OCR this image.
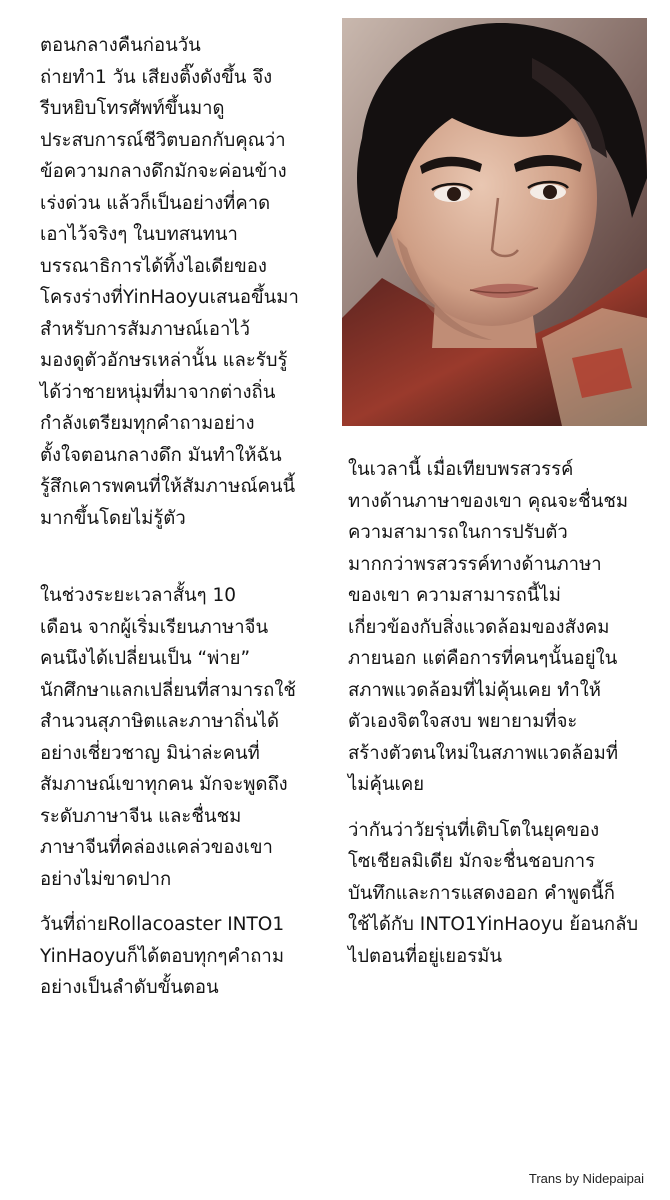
ตอนกลางคืนก่อนวัน
ถ่ายทำ1 วัน เสียงติ๊งดังขึ้น จึง
รีบหยิบโทรศัพท์ขึ้นมาดู
ประสบการณ์ชีวิตบอกกับคุณว่า
ข้อความกลางดึกมักจะค่อนข้าง
เร่งด่วน แล้วก็เป็นอย่างที่คาด
เอาไว้จริงๆ ในบทสนทนา
บรรณาธิการได้ทิ้งไอเดียของ
โครงร่างที่YinHaoyuเสนอขึ้นมา
สำหรับการสัมภาษณ์เอาไว้
มองดูตัวอักษรเหล่านั้น และรับรู้
ได้ว่าชายหนุ่มที่มาจากต่างถิ่น
กำลังเตรียมทุกคำถามอย่าง
ตั้งใจตอนกลางดึก มันทำให้ฉัน
รู้สึกเคารพคนที่ให้สัมภาษณ์คนนี้
มากขึ้นโดยไม่รู้ตัว

ในช่วงระยะเวลาสั้นๆ 10
เดือน จากผู้เริ่มเรียนภาษาจีน
คนนึงได้เปลี่ยนเป็น “พ่าย”
นักศึกษาแลกเปลี่ยนที่สามารถใช้
สำนวนสุภาษิตและภาษาถิ่นได้
อย่างเชี่ยวชาญ มิน่าล่ะคนที่
สัมภาษณ์เขาทุกคน มักจะพูดถึง
ระดับภาษาจีน และชื่นชม
ภาษาจีนที่คล่องแคล่วของเขา
อย่างไม่ขาดปาก

วันที่ถ่ายRollacoaster INTO1
YinHaoyuก็ได้ตอบทุกๆคำถาม
อย่างเป็นลำดับขั้นตอน

ในเวลานี้ เมื่อเทียบพรสวรรค์
ทางด้านภาษาของเขา คุณจะชื่นชม
ความสามารถในการปรับตัว
มากกว่าพรสวรรค์ทางด้านภาษา
ของเขา ความสามารถนี้ไม่
เกี่ยวข้องกับสิ่งแวดล้อมของสังคม
ภายนอก แต่คือการที่คนๆนั้นอยู่ใน
สภาพแวดล้อมที่ไม่คุ้นเคย ทำให้
ตัวเองจิตใจสงบ พยายามที่จะ
สร้างตัวตนใหม่ในสภาพแวดล้อมที่
ไม่คุ้นเคย

ว่ากันว่าวัยรุ่นที่เติบโตในยุคของ
โซเชียลมิเดีย มักจะชื่นชอบการ
บันทึกและการแสดงออก คำพูดนี้ก็
ใช้ได้กับ INTO1YinHaoyu ย้อนกลับ
ไปตอนที่อยู่เยอรมัน

Trans by Nidepaipai
